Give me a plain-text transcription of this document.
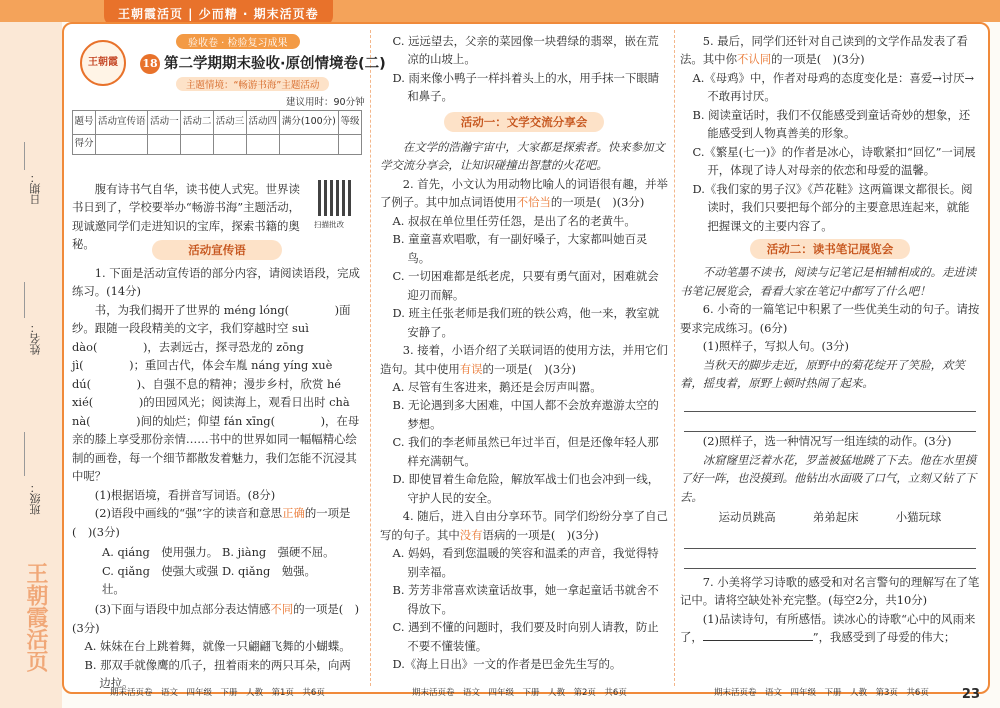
王朝霞活页 | 少而精 · 期末活页卷
日期：
姓名：
班级：
王朝霞活页
王朝霞
验收卷 · 检验复习成果
18 第二学期期末验收·原创情境卷(二)
主题情境：“畅游书海”主题活动
建议用时：90分钟
题号	活动宣传语	活动一	活动二	活动三	活动四	满分(100分)	等级
得分							
腹有诗书气自华，读书使人式宪。世界读书日到了，学校要举办“畅游书海”主题活动，现诚邀同学们走进知识的宝库，探索书籍的奥秘。
扫描批改
活动宣传语
1. 下面是活动宣传语的部分内容，请阅读语段，完成练习。(14分)
书，为我们揭开了世界的 méng lóng(　　　　)面纱。跟随一段段精美的文字，我们穿越时空 suì dào(　　　　)，去剥远古，探寻恐龙的 zōng jì(　　　　)；重回古代，体会车胤 náng yíng xuè dú(　　　　)、自强不息的精神；漫步乡村，欣赏 hé xié(　　　　)的田园风光；阅读海上，观看日出时 chà nà(　　　　)间的灿烂；仰望 fán xīng(　　　　)，在母亲的膝上享受那份亲情……书中的世界如同一幅幅精心绘制的画卷，每一个细节都散发着魅力，我们怎能不沉浸其中呢？
(1)根据语境，看拼音写词语。(8分)
(2)语段中画线的“强”字的读音和意思正确的一项是(　)(3分)
A. qiáng　使用强力。 B. jiàng　强硬不屈。
C. qiǎng　使强大或强壮。
D. qiǎng　勉强。
(3)下面与语段中加点部分表达情感不同的一项是(　)(3分)
A. 妹妹在台上跳着舞，就像一只翩翩飞舞的小蝴蝶。
B. 那双手就像鹰的爪子，扭着雨来的两只耳朵，向两边拉。
C. 远远望去，父亲的菜园像一块碧绿的翡翠，嵌在荒凉的山坡上。
D. 雨来像小鸭子一样抖着头上的水，用手抹一下眼睛和鼻子。
活动一：文学交流分享会
在文学的浩瀚宇宙中，大家都是探索者。快来参加文学交流分享会，让知识碰撞出智慧的火花吧。
2. 首先，小文认为用动物比喻人的词语很有趣，并举了例子。其中加点词语使用不恰当的一项是(　)(3分)
A. 叔叔在单位里任劳任怨，是出了名的老黄牛。
B. 童童喜欢唱歌，有一副好嗓子，大家都叫她百灵鸟。
C. 一切困难都是纸老虎，只要有勇气面对，困难就会迎刃而解。
D. 班主任张老师是我们班的铁公鸡，他一来，教室就安静了。
3. 接着，小语介绍了关联词语的使用方法，并用它们造句。其中使用有误的一项是(　)(3分)
A. 尽管有生客进来，鹅还是会厉声叫嚣。
B. 无论遇到多大困难，中国人都不会放弃遨游太空的梦想。
C. 我们的李老师虽然已年过半百，但是还像年轻人那样充满朝气。
D. 即使冒着生命危险，解放军战士们也会冲到一线，守护人民的安全。
4. 随后，进入自由分享环节。同学们纷纷分享了自己写的句子。其中没有语病的一项是(　)(3分)
A. 妈妈，看到您温暖的笑容和温柔的声音，我觉得特别幸福。
B. 芳芳非常喜欢读童话故事，她一拿起童话书就舍不得放下。
C. 遇到不懂的问题时，我们要及时向别人请教，防止不要不懂装懂。
D.《海上日出》一文的作者是巴金先生写的。
5. 最后，同学们还针对自己读到的文学作品发表了看法。其中你不认同的一项是(　)(3分)
A.《母鸡》中，作者对母鸡的态度变化是：喜爱→讨厌→不敢再讨厌。
B. 阅读童话时，我们不仅能感受到童话奇妙的想象，还能感受到人物真善美的形象。
C.《繁星(七一)》的作者是冰心，诗歌紧扣“回忆”一词展开，体现了诗人对母亲的依恋和母爱的温馨。
D.《我们家的男子汉》《芦花鞋》这两篇课文都很长。阅读时，我们只要把每个部分的主要意思连起来，就能把握课文的主要内容了。
活动二：读书笔记展览会
不动笔墨不读书，阅读与记笔记是相辅相成的。走进读书笔记展览会，看看大家在笔记中都写了什么吧！
6. 小奇的一篇笔记中积累了一些优美生动的句子。请按要求完成练习。(6分)
(1)照样子，写拟人句。(3分)
当秋天的脚步走近，原野中的菊花绽开了笑脸，欢笑着，摇曳着，原野上顿时热闹了起来。
(2)照样子，选一种情况写一组连续的动作。(3分)
冰窟窿里泛着水花，罗盖被猛地跳了下去。他在水里摸了好一阵，也没摸到。他钻出水面吸了口气，立刻又钻了下去。
运动员跳高	弟弟起床	小猫玩球
7. 小美将学习诗歌的感受和对名言警句的理解写在了笔记中。请将空缺处补充完整。(每空2分，共10分)
(1)品读诗句，有所感悟。读冰心的诗歌“心中的风雨来了，	”，我感受到了母爱的伟大；
期末活页卷　语文　四年级　下册　人教　第1页　共6页	期末活页卷　语文　四年级　下册　人教　第2页　共6页	期末活页卷　语文　四年级　下册　人教　第3页　共6页	23
